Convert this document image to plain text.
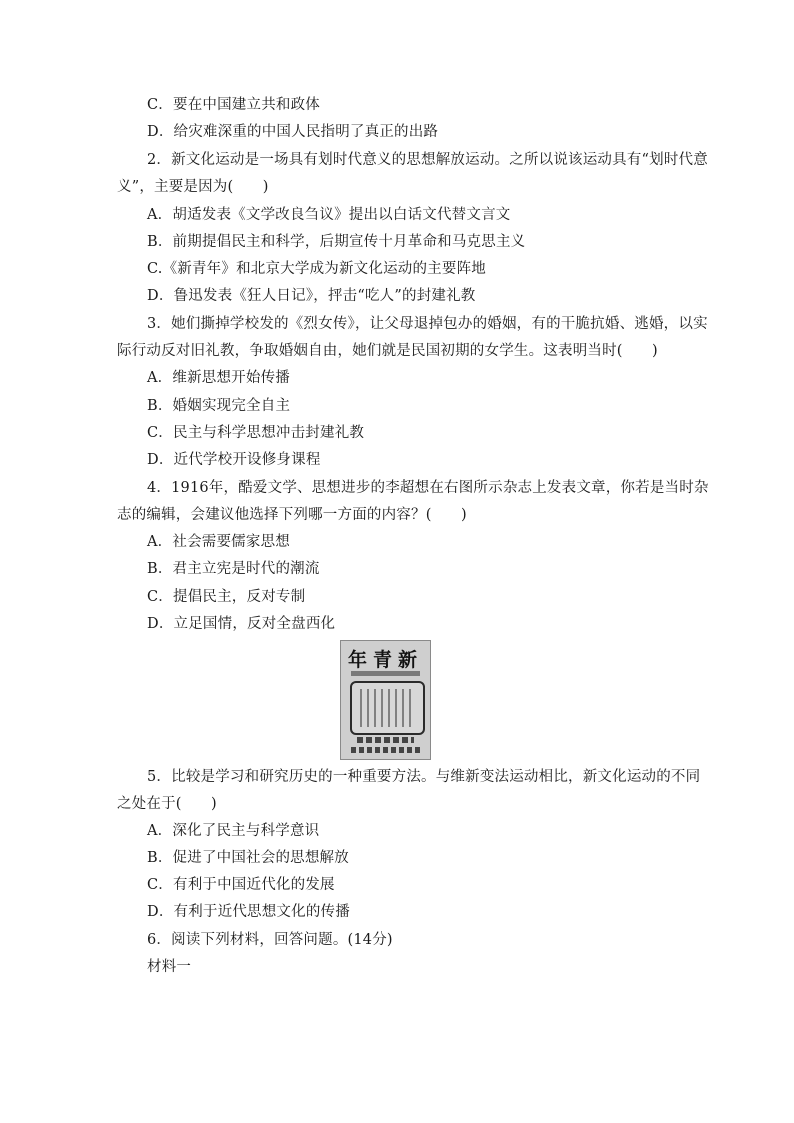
C．要在中国建立共和政体
D．给灾难深重的中国人民指明了真正的出路
2．新文化运动是一场具有划时代意义的思想解放运动。之所以说该运动具有“划时代意
义”，主要是因为(　　)
A．胡适发表《文学改良刍议》提出以白话文代替文言文
B．前期提倡民主和科学，后期宣传十月革命和马克思主义
C.《新青年》和北京大学成为新文化运动的主要阵地
D．鲁迅发表《狂人日记》，抨击“吃人”的封建礼教
3．她们撕掉学校发的《烈女传》，让父母退掉包办的婚姻，有的干脆抗婚、逃婚，以实
际行动反对旧礼教，争取婚姻自由，她们就是民国初期的女学生。这表明当时(　　)
A．维新思想开始传播
B．婚姻实现完全自主
C．民主与科学思想冲击封建礼教
D．近代学校开设修身课程
4．1916年，酷爱文学、思想进步的李超想在右图所示杂志上发表文章，你若是当时杂
志的编辑，会建议他选择下列哪一方面的内容？(　　)
A．社会需要儒家思想
B．君主立宪是时代的潮流
C．提倡民主，反对专制
D．立足国情，反对全盘西化
年青新
5．比较是学习和研究历史的一种重要方法。与维新变法运动相比，新文化运动的不同
之处在于(　　)
A．深化了民主与科学意识
B．促进了中国社会的思想解放
C．有利于中国近代化的发展
D．有利于近代思想文化的传播
6．阅读下列材料，回答问题。(14分)
材料一
